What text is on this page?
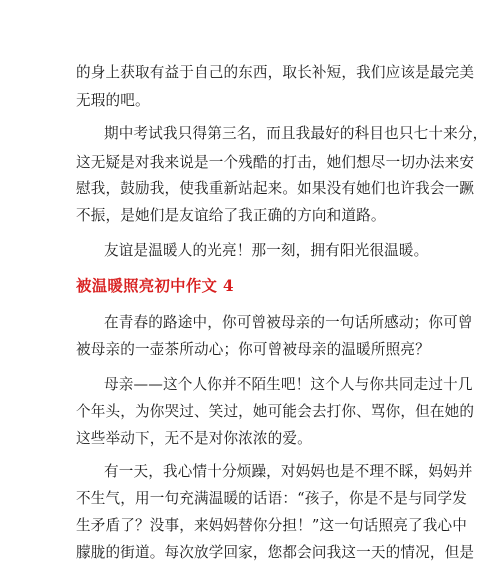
的身上获取有益于自己的东西，取长补短，我们应该是最完美
无瑕的吧。
期中考试我只得第三名，而且我最好的科目也只七十来分，
这无疑是对我来说是一个残酷的打击，她们想尽一切办法来安
慰我，鼓励我，使我重新站起来。如果没有她们也许我会一蹶
不振，是她们是友谊给了我正确的方向和道路。
友谊是温暖人的光亮！那一刻，拥有阳光很温暖。
被温暖照亮初中作文 4
在青春的路途中，你可曾被母亲的一句话所感动；你可曾
被母亲的一壶茶所动心；你可曾被母亲的温暖所照亮？
母亲——这个人你并不陌生吧！这个人与你共同走过十几
个年头，为你哭过、笑过，她可能会去打你、骂你，但在她的
这些举动下，无不是对你浓浓的爱。
有一天，我心情十分烦躁，对妈妈也是不理不睬，妈妈并
不生气，用一句充满温暖的话语：“孩子，你是不是与同学发
生矛盾了？没事，来妈妈替你分担！”这一句话照亮了我心中
朦胧的街道。每次放学回家，您都会问我这一天的情况，但是
